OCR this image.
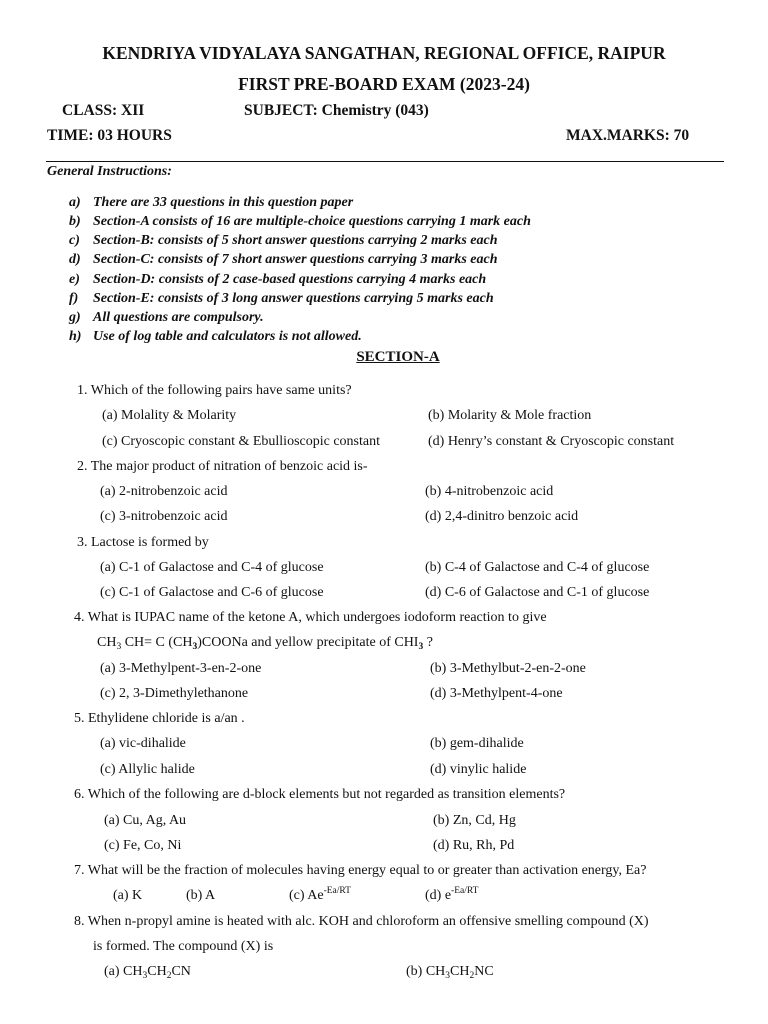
KENDRIYA VIDYALAYA SANGATHAN, REGIONAL OFFICE, RAIPUR
FIRST PRE-BOARD EXAM (2023-24)
CLASS: XII	SUBJECT: Chemistry (043)
TIME: 03 HOURS	MAX.MARKS: 70
General Instructions:
a) There are 33 questions in this question paper
b) Section-A consists of 16 are multiple-choice questions carrying 1 mark each
c) Section-B: consists of 5 short answer questions carrying 2 marks each
d) Section-C: consists of 7 short answer questions carrying 3 marks each
e) Section-D: consists of 2 case-based questions carrying 4 marks each
f) Section-E: consists of 3 long answer questions carrying 5 marks each
g) All questions are compulsory.
h) Use of log table and calculators is not allowed.
SECTION-A
1. Which of the following pairs have same units?
(a) Molality & Molarity	(b) Molarity & Mole fraction
(c) Cryoscopic constant & Ebullioscopic constant	(d) Henry’s constant & Cryoscopic constant
2. The major product of nitration of benzoic acid is-
(a) 2-nitrobenzoic acid	(b) 4-nitrobenzoic acid
(c) 3-nitrobenzoic acid	(d) 2,4-dinitro benzoic acid
3. Lactose is formed by
(a) C-1 of Galactose and C-4 of glucose	(b) C-4 of Galactose and C-4 of glucose
(c) C-1 of Galactose and C-6 of glucose	(d) C-6 of Galactose and C-1 of glucose
4. What is IUPAC name of the ketone A, which undergoes iodoform reaction to give
$CH_3$ CH= C $(CH_3)COONa$ and yellow precipitate of $CHI_3$ ?
(a) 3-Methylpent-3-en-2-one	(b) 3-Methylbut-2-en-2-one
(c) 2, 3-Dimethylethanone	(d) 3-Methylpent-4-one
5. Ethylidene chloride is a/an .
(a) vic-dihalide	(b) gem-dihalide
(c) Allylic halide	(d) vinylic halide
6. Which of the following are d-block elements but not regarded as transition elements?
(a) Cu, Ag, Au	(b) Zn, Cd, Hg
(c) Fe, Co, Ni	(d) Ru, Rh, Pd
7. What will be the fraction of molecules having energy equal to or greater than activation energy, Ea?
(a) K	(b) A	(c) $Ae^{-Ea/RT}$	(d) $e^{-Ea/RT}$
8. When n-propyl amine is heated with alc. KOH and chloroform an offensive smelling compound (X)
is formed. The compound (X) is
(a) $CH_3CH_2CN$	(b) $CH_3CH_2NC$
